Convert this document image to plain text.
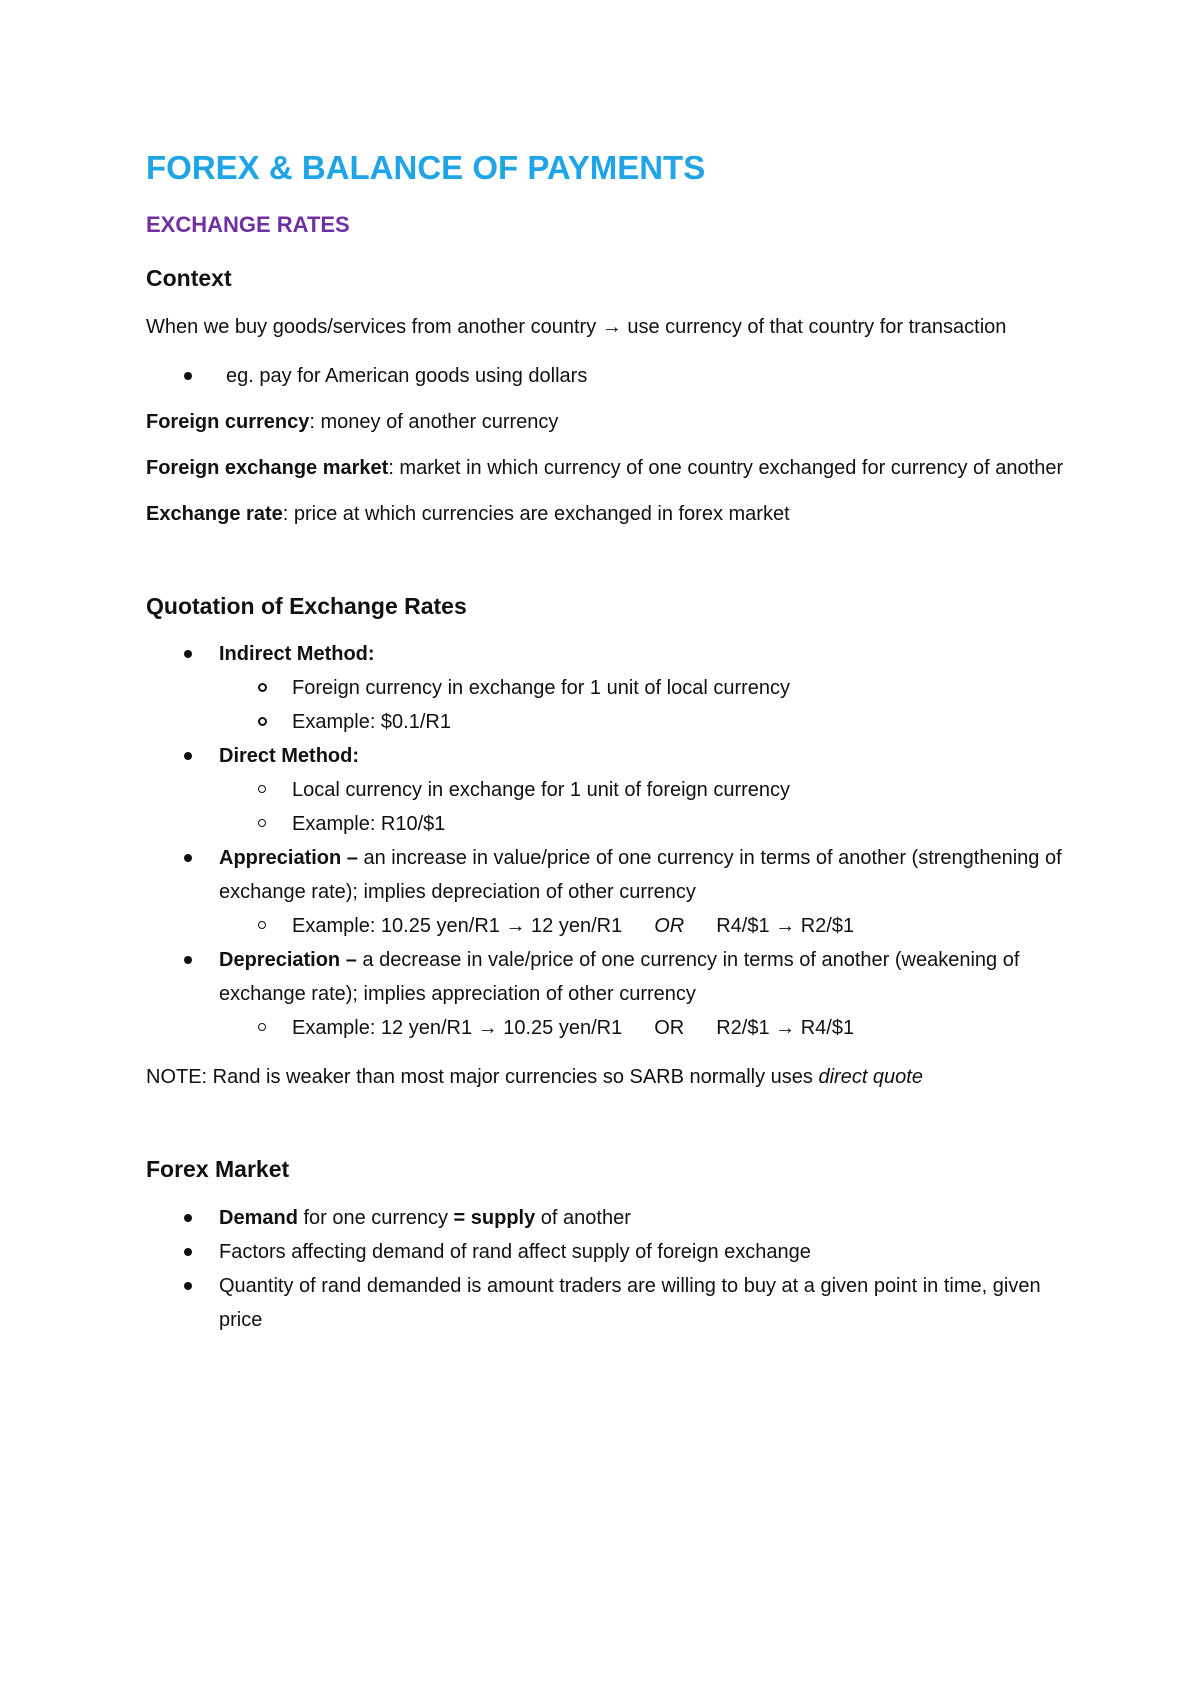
FOREX & BALANCE OF PAYMENTS
EXCHANGE RATES
Context

When we buy goods/services from another country → use currency of that country for transaction

eg. pay for American goods using dollars

Foreign currency: money of another currency

Foreign exchange market: market in which currency of one country exchanged for currency of another

Exchange rate: price at which currencies are exchanged in forex market

Quotation of Exchange Rates
Indirect Method:
Foreign currency in exchange for 1 unit of local currency
Example: $0.1/R1
Direct Method:
Local currency in exchange for 1 unit of foreign currency
Example: R10/$1
Appreciation – an increase in value/price of one currency in terms of another (strengthening of exchange rate); implies depreciation of other currency
Example: 10.25 yen/R1 → 12 yen/R1 OR R4/$1 → R2/$1
Depreciation – a decrease in vale/price of one currency in terms of another (weakening of exchange rate); implies appreciation of other currency
Example: 12 yen/R1 → 10.25 yen/R1 OR R2/$1 → R4/$1

NOTE: Rand is weaker than most major currencies so SARB normally uses direct quote

Forex Market
Demand for one currency = supply of another
Factors affecting demand of rand affect supply of foreign exchange
Quantity of rand demanded is amount traders are willing to buy at a given point in time, given price
